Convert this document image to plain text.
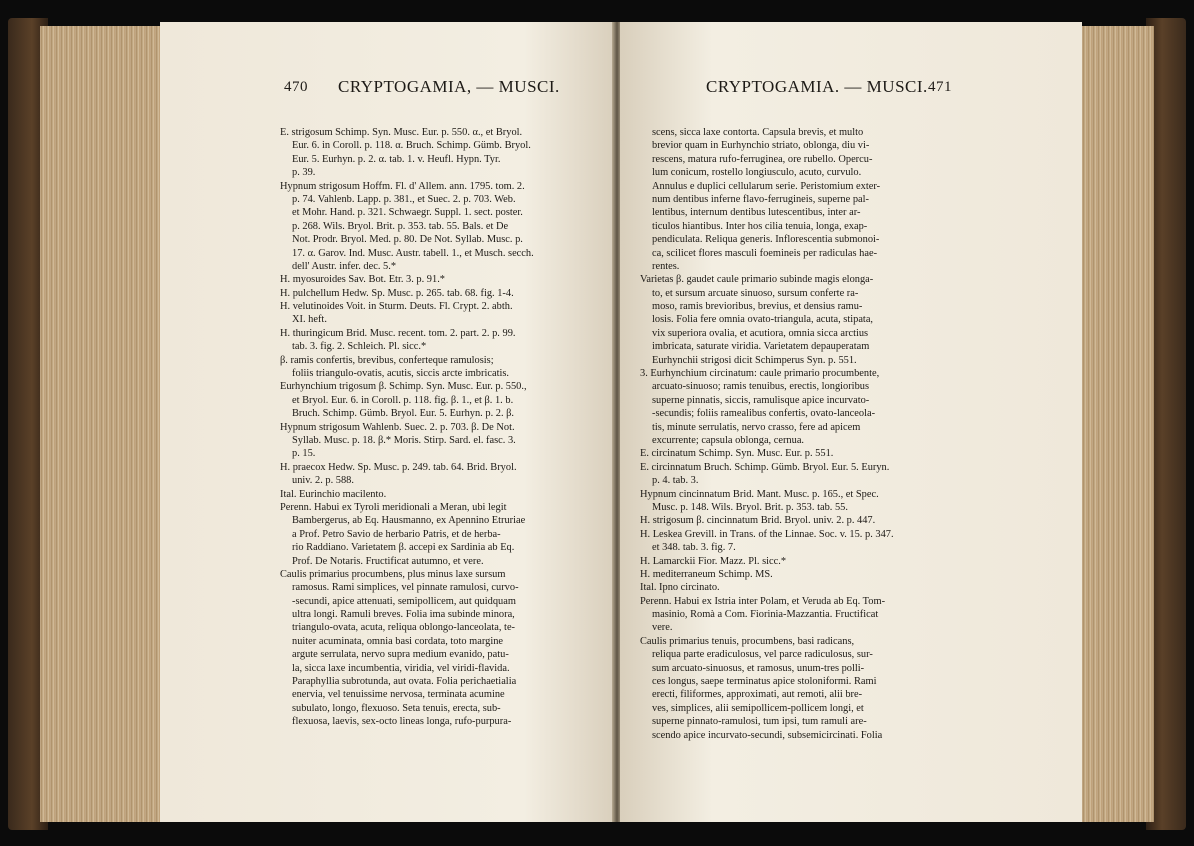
470 CRYPTOGAMIA, — MUSCI.
E. strigosum Schimp. Syn. Musc. Eur. p. 550. α., et Bryol.
Eur. 6. in Coroll. p. 118. α. Bruch. Schimp. Gümb. Bryol.
Eur. 5. Eurhyn. p. 2. α. tab. 1. v. Heufl. Hypn. Tyr.
p. 39.
Hypnum strigosum Hoffm. Fl. d' Allem. ann. 1795. tom. 2.
p. 74. Vahlenb. Lapp. p. 381., et Suec. 2. p. 703. Web.
et Mohr. Hand. p. 321. Schwaegr. Suppl. 1. sect. poster.
p. 268. Wils. Bryol. Brit. p. 353. tab. 55. Bals. et De
Not. Prodr. Bryol. Med. p. 80. De Not. Syllab. Musc. p.
17. α. Garov. Ind. Musc. Austr. tabell. 1., et Musch. secch.
dell' Austr. infer. dec. 5.*
H. myosuroides Sav. Bot. Etr. 3. p. 91.*
H. pulchellum Hedw. Sp. Musc. p. 265. tab. 68. fig. 1-4.
H. velutinoides Voit. in Sturm. Deuts. Fl. Crypt. 2. abth.
XI. heft.
H. thuringicum Brid. Musc. recent. tom. 2. part. 2. p. 99.
tab. 3. fig. 2. Schleich. Pl. sicc.*
β. ramis confertis, brevibus, conferteque ramulosis;
foliis triangulo-ovatis, acutis, siccis arcte imbricatis.
Eurhynchium trigosum β. Schimp. Syn. Musc. Eur. p. 550.,
et Bryol. Eur. 6. in Coroll. p. 118. fig. β. 1., et β. 1. b.
Bruch. Schimp. Gümb. Bryol. Eur. 5. Eurhyn. p. 2. β.
Hypnum strigosum Wahlenb. Suec. 2. p. 703. β. De Not.
Syllab. Musc. p. 18. β.* Moris. Stirp. Sard. el. fasc. 3.
p. 15.
H. praecox Hedw. Sp. Musc. p. 249. tab. 64. Brid. Bryol.
univ. 2. p. 588.
Ital. Eurinchio macilento.
Perenn. Habui ex Tyroli meridionali a Meran, ubi legit
Bambergerus, ab Eq. Hausmanno, ex Apennino Etruriae
a Prof. Petro Savio de herbario Patris, et de herba-
rio Raddiano. Varietatem β. accepi ex Sardinia ab Eq.
Prof. De Notaris. Fructificat autumno, et vere.
Caulis primarius procumbens, plus minus laxe sursum
ramosus. Rami simplices, vel pinnate ramulosi, curvo-
-secundi, apice attenuati, semipollicem, aut quidquam
ultra longi. Ramuli breves. Folia ima subinde minora,
triangulo-ovata, acuta, reliqua oblongo-lanceolata, te-
nuiter acuminata, omnia basi cordata, toto margine
argute serrulata, nervo supra medium evanido, patu-
la, sicca laxe incumbentia, viridia, vel viridi-flavida.
Paraphyllia subrotunda, aut ovata. Folia perichaetialia
enervia, vel tenuissime nervosa, terminata acumine
subulato, longo, flexuoso. Seta tenuis, erecta, sub-
flexuosa, laevis, sex-octo lineas longa, rufo-purpura-
CRYPTOGAMIA. — MUSCI. 471
scens, sicca laxe contorta. Capsula brevis, et multo
brevior quam in Eurhynchio striato, oblonga, diu vi-
rescens, matura rufo-ferruginea, ore rubello. Opercu-
lum conicum, rostello longiusculo, acuto, curvulo.
Annulus e duplici cellularum serie. Peristomium exter-
num dentibus inferne flavo-ferrugineis, superne pal-
lentibus, internum dentibus lutescentibus, inter ar-
ticulos hiantibus. Inter hos cilia tenuia, longa, exap-
pendiculata. Reliqua generis. Inflorescentia submonoi-
ca, scilicet flores masculi foemineis per radiculas hae-
rentes.
Varietas β. gaudet caule primario subinde magis elonga-
to, et sursum arcuate sinuoso, sursum conferte ra-
moso, ramis brevioribus, brevius, et densius ramu-
losis. Folia fere omnia ovato-triangula, acuta, stipata,
vix superiora ovalia, et acutiora, omnia sicca arctius
imbricata, saturate viridia. Varietatem depauperatam
Eurhynchii strigosi dicit Schimperus Syn. p. 551.
3. Eurhynchium circinatum: caule primario procumbente,
arcuato-sinuoso; ramis tenuibus, erectis, longioribus
superne pinnatis, siccis, ramulisque apice incurvato-
-secundis; foliis ramealibus confertis, ovato-lanceola-
tis, minute serrulatis, nervo crasso, fere ad apicem
excurrente; capsula oblonga, cernua.
E. circinatum Schimp. Syn. Musc. Eur. p. 551.
E. circinnatum Bruch. Schimp. Gümb. Bryol. Eur. 5. Euryn.
p. 4. tab. 3.
Hypnum cincinnatum Brid. Mant. Musc. p. 165., et Spec.
Musc. p. 148. Wils. Bryol. Brit. p. 353. tab. 55.
H. strigosum β. cincinnatum Brid. Bryol. univ. 2. p. 447.
H. Leskea Grevill. in Trans. of the Linnae. Soc. v. 15. p. 347.
et 348. tab. 3. fig. 7.
H. Lamarckii Fior. Mazz. Pl. sicc.*
H. mediterraneum Schimp. MS.
Ital. Ipno circinato.
Perenn. Habui ex Istria inter Polam, et Veruda ab Eq. Tom-
masinio, Romà a Com. Fiorinia-Mazzantia. Fructificat
vere.
Caulis primarius tenuis, procumbens, basi radicans,
reliqua parte eradiculosus, vel parce radiculosus, sur-
sum arcuato-sinuosus, et ramosus, unum-tres polli-
ces longus, saepe terminatus apice stoloniformi. Rami
erecti, filiformes, approximati, aut remoti, alii bre-
ves, simplices, alii semipollicem-pollicem longi, et
superne pinnato-ramulosi, tum ipsi, tum ramuli are-
scendo apice incurvato-secundi, subsemicircinati. Folia
